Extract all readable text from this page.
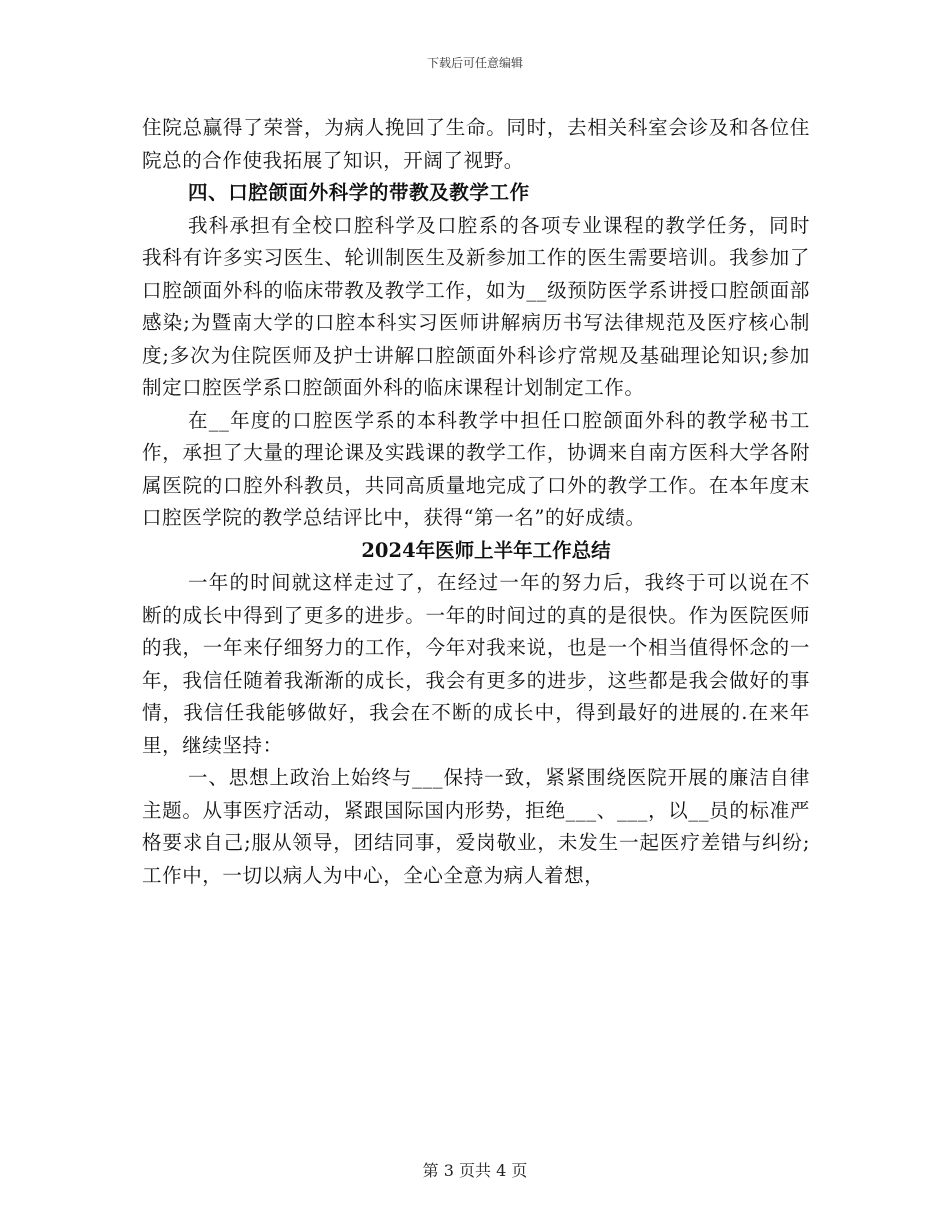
下载后可任意编辑

住院总赢得了荣誉，为病人挽回了生命。同时，去相关科室会诊及和各位住院总的合作使我拓展了知识，开阔了视野。

四、口腔颌面外科学的带教及教学工作

我科承担有全校口腔科学及口腔系的各项专业课程的教学任务，同时我科有许多实习医生、轮训制医生及新参加工作的医生需要培训。我参加了口腔颌面外科的临床带教及教学工作，如为__级预防医学系讲授口腔颌面部感染;为暨南大学的口腔本科实习医师讲解病历书写法律规范及医疗核心制度;多次为住院医师及护士讲解口腔颌面外科诊疗常规及基础理论知识;参加制定口腔医学系口腔颌面外科的临床课程计划制定工作。

在__年度的口腔医学系的本科教学中担任口腔颌面外科的教学秘书工作，承担了大量的理论课及实践课的教学工作，协调来自南方医科大学各附属医院的口腔外科教员，共同高质量地完成了口外的教学工作。在本年度末口腔医学院的教学总结评比中，获得“第一名”的好成绩。

2024年医师上半年工作总结

一年的时间就这样走过了，在经过一年的努力后，我终于可以说在不断的成长中得到了更多的进步。一年的时间过的真的是很快。作为医院医师的我，一年来仔细努力的工作，今年对我来说，也是一个相当值得怀念的一年，我信任随着我渐渐的成长，我会有更多的进步，这些都是我会做好的事情，我信任我能够做好，我会在不断的成长中，得到最好的进展的.在来年里，继续坚持：

一、思想上政治上始终与___保持一致，紧紧围绕医院开展的廉洁自律主题。从事医疗活动，紧跟国际国内形势，拒绝___、___，以__员的标准严格要求自己;服从领导，团结同事，爱岗敬业，未发生一起医疗差错与纠纷;工作中，一切以病人为中心，全心全意为病人着想，

第 3 页共 4 页
